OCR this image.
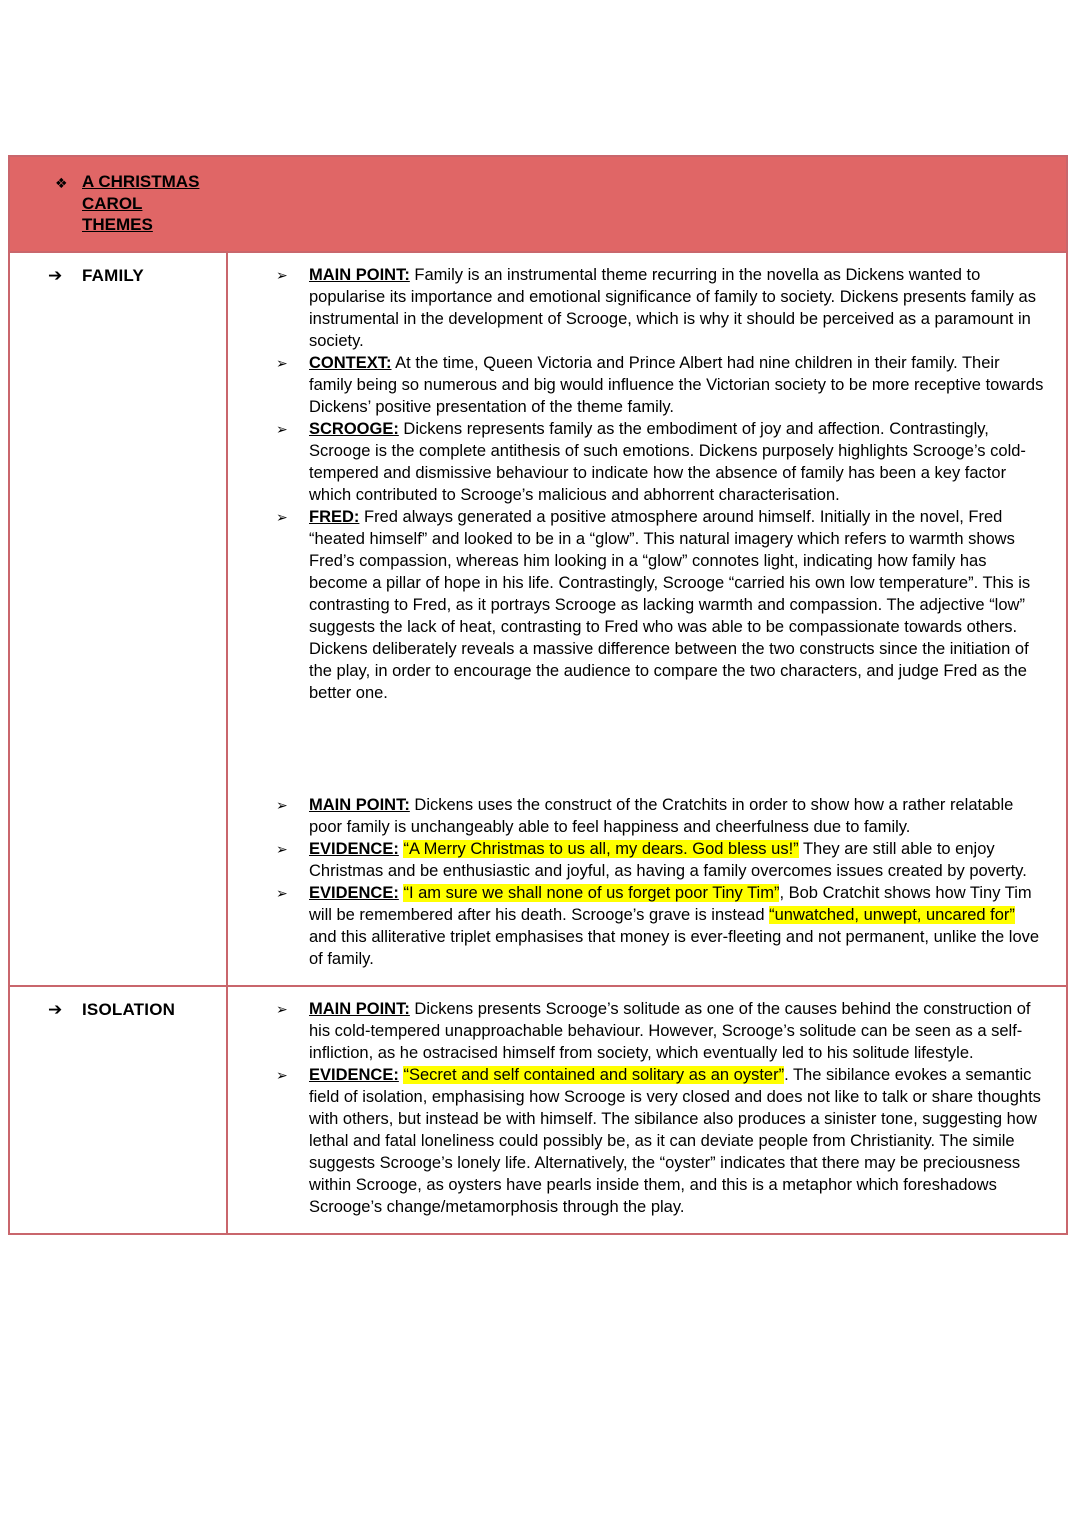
❖ A CHRISTMAS
CAROL
THEMES
➔	FAMILY	➢	MAIN POINT: Family is an instrumental theme recurring in the novella as Dickens wanted to popularise its importance and emotional significance of family to society. Dickens presents family as instrumental in the development of Scrooge, which is why it should be perceived as a paramount in society.
➢	CONTEXT: At the time, Queen Victoria and Prince Albert had nine children in their family. Their family being so numerous and big would influence the Victorian society to be more receptive towards Dickens’ positive presentation of the theme family.
➢	SCROOGE: Dickens represents family as the embodiment of joy and affection. Contrastingly, Scrooge is the complete antithesis of such emotions. Dickens purposely highlights Scrooge’s cold-tempered and dismissive behaviour to indicate how the absence of family has been a key factor which contributed to Scrooge’s malicious and abhorrent characterisation.
➢	FRED: Fred always generated a positive atmosphere around himself. Initially in the novel, Fred “heated himself” and looked to be in a “glow”. This natural imagery which refers to warmth shows Fred’s compassion, whereas him looking in a “glow” connotes light, indicating how family has become a pillar of hope in his life. Contrastingly, Scrooge “carried his own low temperature”. This is contrasting to Fred, as it portrays Scrooge as lacking warmth and compassion. The adjective “low” suggests the lack of heat, contrasting to Fred who was able to be compassionate towards others. Dickens deliberately reveals a massive difference between the two constructs since the initiation of the play, in order to encourage the audience to compare the two characters, and judge Fred as the better one.
➢	MAIN POINT: Dickens uses the construct of the Cratchits in order to show how a rather relatable poor family is unchangeably able to feel happiness and cheerfulness due to family.
➢	EVIDENCE: “A Merry Christmas to us all, my dears. God bless us!” They are still able to enjoy Christmas and be enthusiastic and joyful, as having a family overcomes issues created by poverty.
➢	EVIDENCE: “I am sure we shall none of us forget poor Tiny Tim”, Bob Cratchit shows how Tiny Tim will be remembered after his death. Scrooge’s grave is instead “unwatched, unwept, uncared for” and this alliterative triplet emphasises that money is ever-fleeting and not permanent, unlike the love of family.
➔	ISOLATION	➢	MAIN POINT: Dickens presents Scrooge’s solitude as one of the causes behind the construction of his cold-tempered unapproachable behaviour. However, Scrooge’s solitude can be seen as a self-infliction, as he ostracised himself from society, which eventually led to his solitude lifestyle.
➢	EVIDENCE: “Secret and self contained and solitary as an oyster”. The sibilance evokes a semantic field of isolation, emphasising how Scrooge is very closed and does not like to talk or share thoughts with others, but instead be with himself. The sibilance also produces a sinister tone, suggesting how lethal and fatal loneliness could possibly be, as it can deviate people from Christianity. The simile suggests Scrooge’s lonely life. Alternatively, the “oyster” indicates that there may be preciousness within Scrooge, as oysters have pearls inside them, and this is a metaphor which foreshadows Scrooge’s change/metamorphosis through the play.
